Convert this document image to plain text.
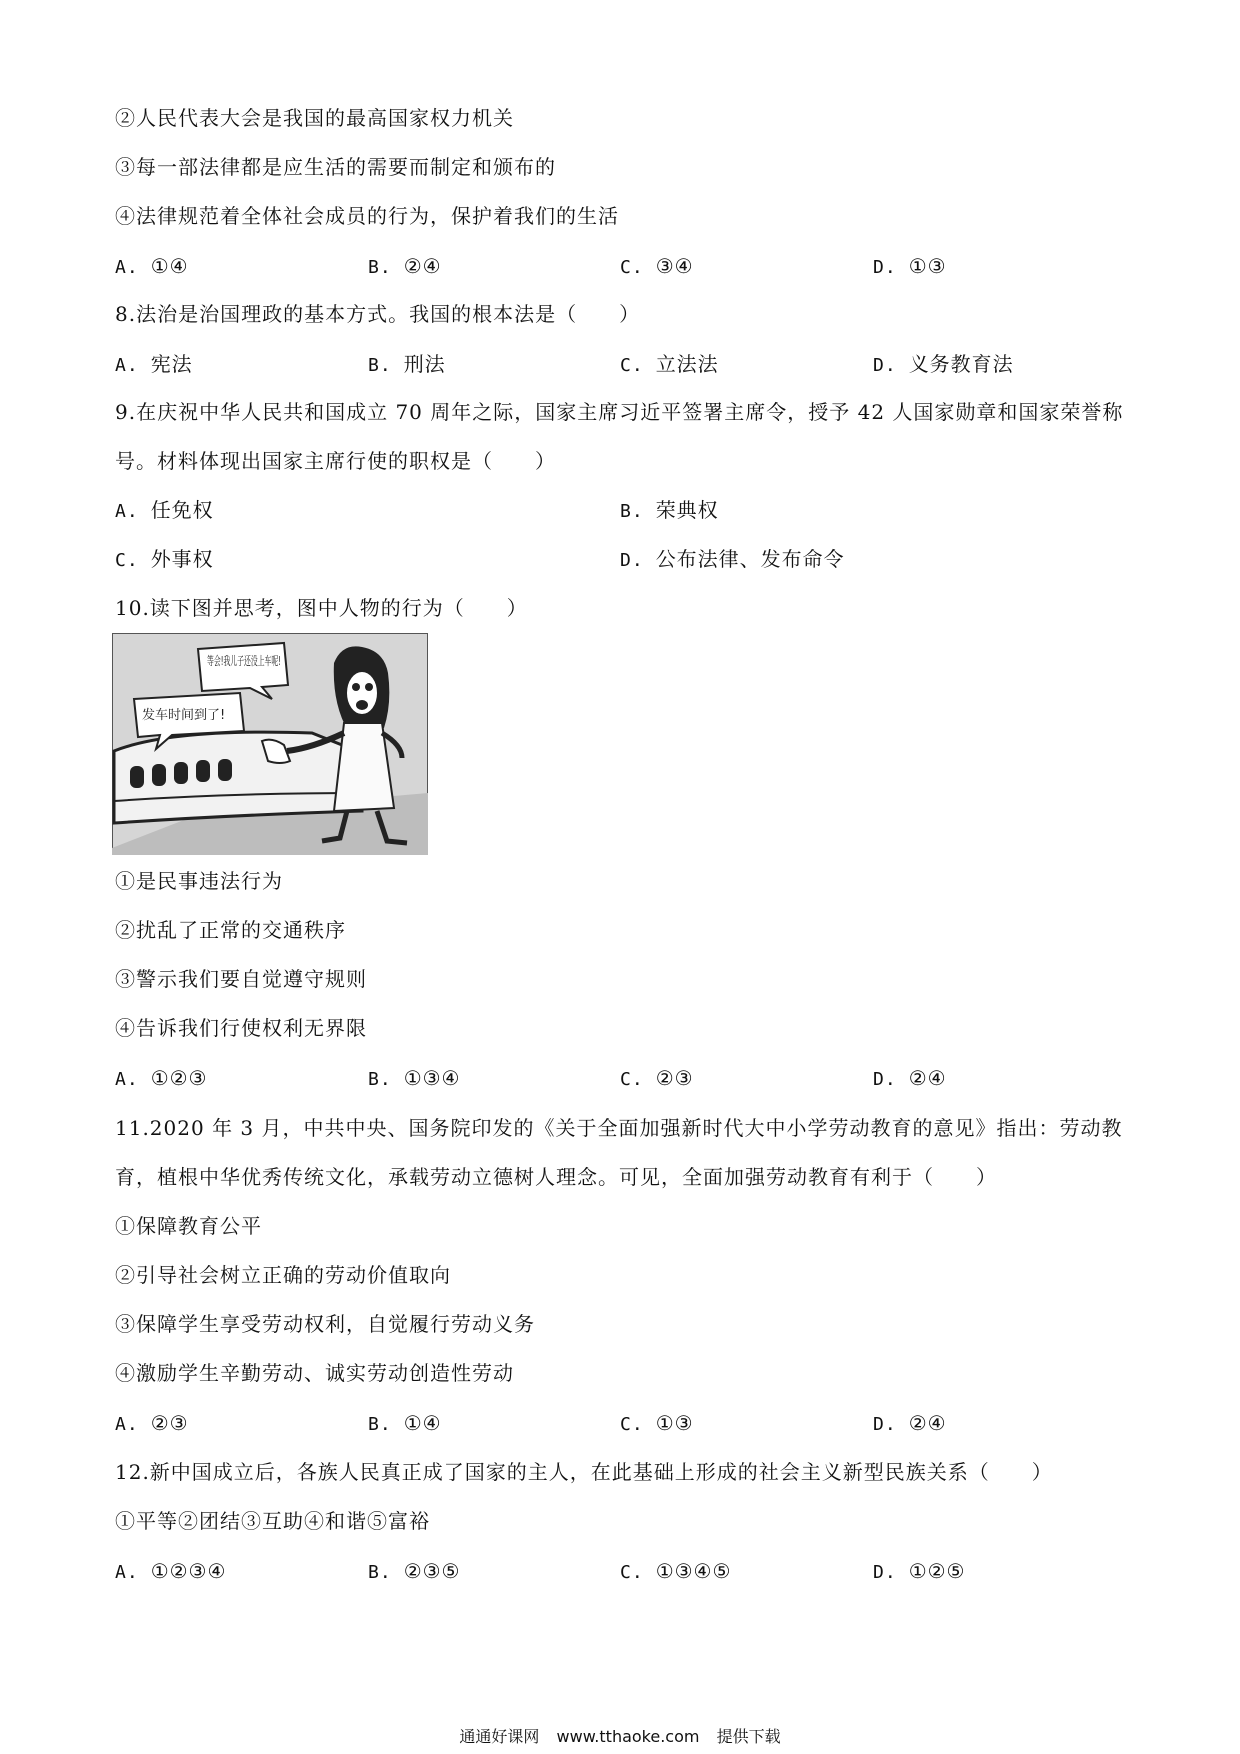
②人民代表大会是我国的最高国家权力机关
③每一部法律都是应生活的需要而制定和颁布的
④法律规范着全体社会成员的行为，保护着我们的生活
A. ①④	B. ②④	C. ③④	D. ①③
8.法治是治国理政的基本方式。我国的根本法是（　　）
A. 宪法	B. 刑法	C. 立法法	D. 义务教育法
9.在庆祝中华人民共和国成立 70 周年之际，国家主席习近平签署主席令，授予 42 人国家勋章和国家荣誉称
号。材料体现出国家主席行使的职权是（　　）
A. 任免权	B. 荣典权
C. 外事权	D. 公布法律、发布命令
10.读下图并思考，图中人物的行为（　　）
等会!我儿子还没上车呢!
发车时间到了!
①是民事违法行为
②扰乱了正常的交通秩序
③警示我们要自觉遵守规则
④告诉我们行使权利无界限
A. ①②③	B. ①③④	C. ②③	D. ②④
11.2020 年 3 月，中共中央、国务院印发的《关于全面加强新时代大中小学劳动教育的意见》指出：劳动教
育，植根中华优秀传统文化，承载劳动立德树人理念。可见，全面加强劳动教育有利于（　　）
①保障教育公平
②引导社会树立正确的劳动价值取向
③保障学生享受劳动权利，自觉履行劳动义务
④激励学生辛勤劳动、诚实劳动创造性劳动
A. ②③	B. ①④	C. ①③	D. ②④
12.新中国成立后，各族人民真正成了国家的主人，在此基础上形成的社会主义新型民族关系（　　）
①平等②团结③互助④和谐⑤富裕
A. ①②③④	B. ②③⑤	C. ①③④⑤	D. ①②⑤
通通好课网 www.tthaoke.com 提供下载
